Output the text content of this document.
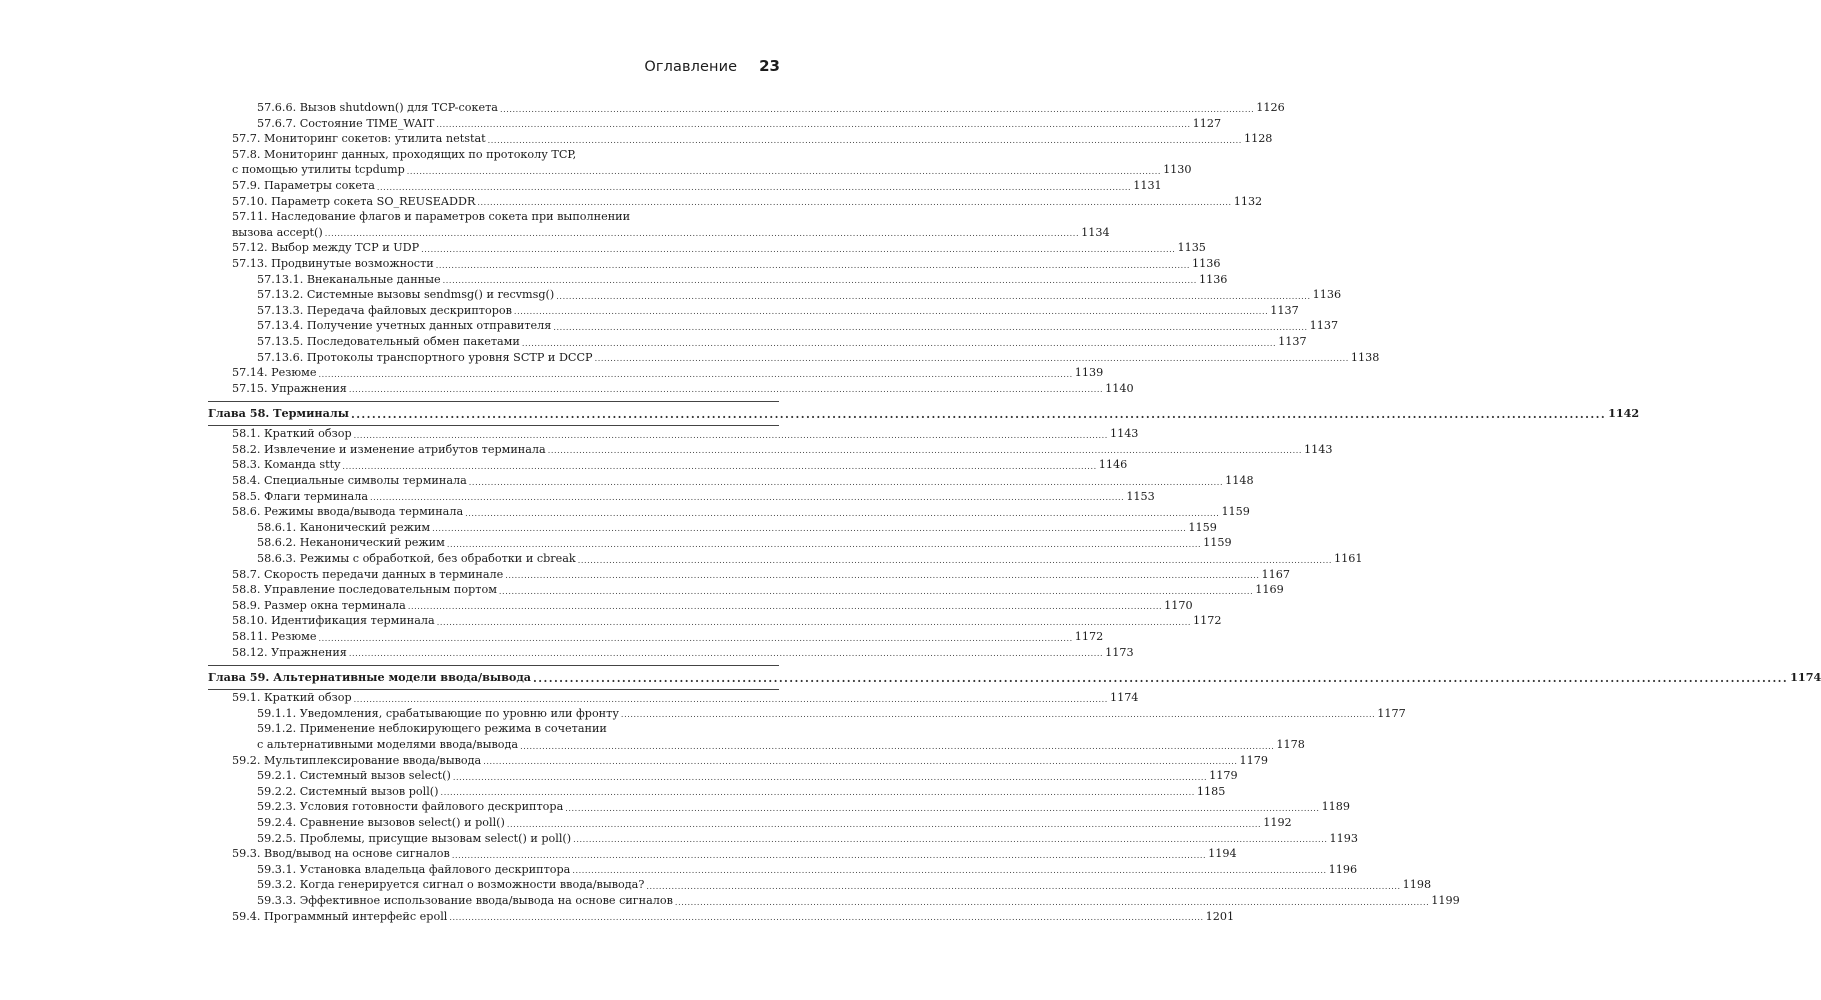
Оглавление 23
57.6.6. Вызов shutdown() для TCP-сокета ................................................................................................................................................................................................................................................ 1126
57.6.7. Состояние TIME_WAIT ................................................................................................................................................................................................................................................ 1127
57.7. Мониторинг сокетов: утилита netstat ................................................................................................................................................................................................................................................ 1128
57.8. Мониторинг данных, проходящих по протоколу TCP,
с помощью утилиты tcpdump ................................................................................................................................................................................................................................................ 1130
57.9. Параметры сокета ................................................................................................................................................................................................................................................ 1131
57.10. Параметр сокета SO_REUSEADDR ................................................................................................................................................................................................................................................ 1132
57.11. Наследование флагов и параметров сокета при выполнении
вызова accept() ................................................................................................................................................................................................................................................ 1134
57.12. Выбор между TCP и UDP ................................................................................................................................................................................................................................................ 1135
57.13. Продвинутые возможности ................................................................................................................................................................................................................................................ 1136
57.13.1. Внеканальные данные ................................................................................................................................................................................................................................................ 1136
57.13.2. Системные вызовы sendmsg() и recvmsg() ................................................................................................................................................................................................................................................ 1136
57.13.3. Передача файловых дескрипторов ................................................................................................................................................................................................................................................ 1137
57.13.4. Получение учетных данных отправителя ................................................................................................................................................................................................................................................ 1137
57.13.5. Последовательный обмен пакетами ................................................................................................................................................................................................................................................ 1137
57.13.6. Протоколы транспортного уровня SCTP и DCCP ................................................................................................................................................................................................................................................ 1138
57.14. Резюме ................................................................................................................................................................................................................................................ 1139
57.15. Упражнения ................................................................................................................................................................................................................................................ 1140
Глава 58. Терминалы ................................................................................................................................................................................................................................................ 1142
58.1. Краткий обзор ................................................................................................................................................................................................................................................ 1143
58.2. Извлечение и изменение атрибутов терминала ................................................................................................................................................................................................................................................ 1143
58.3. Команда stty ................................................................................................................................................................................................................................................ 1146
58.4. Специальные символы терминала ................................................................................................................................................................................................................................................ 1148
58.5. Флаги терминала ................................................................................................................................................................................................................................................ 1153
58.6. Режимы ввода/вывода терминала ................................................................................................................................................................................................................................................ 1159
58.6.1. Канонический режим ................................................................................................................................................................................................................................................ 1159
58.6.2. Неканонический режим ................................................................................................................................................................................................................................................ 1159
58.6.3. Режимы с обработкой, без обработки и cbreak ................................................................................................................................................................................................................................................ 1161
58.7. Скорость передачи данных в терминале ................................................................................................................................................................................................................................................ 1167
58.8. Управление последовательным портом ................................................................................................................................................................................................................................................ 1169
58.9. Размер окна терминала ................................................................................................................................................................................................................................................ 1170
58.10. Идентификация терминала ................................................................................................................................................................................................................................................ 1172
58.11. Резюме ................................................................................................................................................................................................................................................ 1172
58.12. Упражнения ................................................................................................................................................................................................................................................ 1173
Глава 59. Альтернативные модели ввода/вывода ................................................................................................................................................................................................................................................ 1174
59.1. Краткий обзор ................................................................................................................................................................................................................................................ 1174
59.1.1. Уведомления, срабатывающие по уровню или фронту ................................................................................................................................................................................................................................................ 1177
59.1.2. Применение неблокирующего режима в сочетании
с альтернативными моделями ввода/вывода ................................................................................................................................................................................................................................................ 1178
59.2. Мультиплексирование ввода/вывода ................................................................................................................................................................................................................................................ 1179
59.2.1. Системный вызов select() ................................................................................................................................................................................................................................................ 1179
59.2.2. Системный вызов poll() ................................................................................................................................................................................................................................................ 1185
59.2.3. Условия готовности файлового дескриптора ................................................................................................................................................................................................................................................ 1189
59.2.4. Сравнение вызовов select() и poll() ................................................................................................................................................................................................................................................ 1192
59.2.5. Проблемы, присущие вызовам select() и poll() ................................................................................................................................................................................................................................................ 1193
59.3. Ввод/вывод на основе сигналов ................................................................................................................................................................................................................................................ 1194
59.3.1. Установка владельца файлового дескриптора ................................................................................................................................................................................................................................................ 1196
59.3.2. Когда генерируется сигнал о возможности ввода/вывода? ................................................................................................................................................................................................................................................ 1198
59.3.3. Эффективное использование ввода/вывода на основе сигналов ................................................................................................................................................................................................................................................ 1199
59.4. Программный интерфейс epoll ................................................................................................................................................................................................................................................ 1201
